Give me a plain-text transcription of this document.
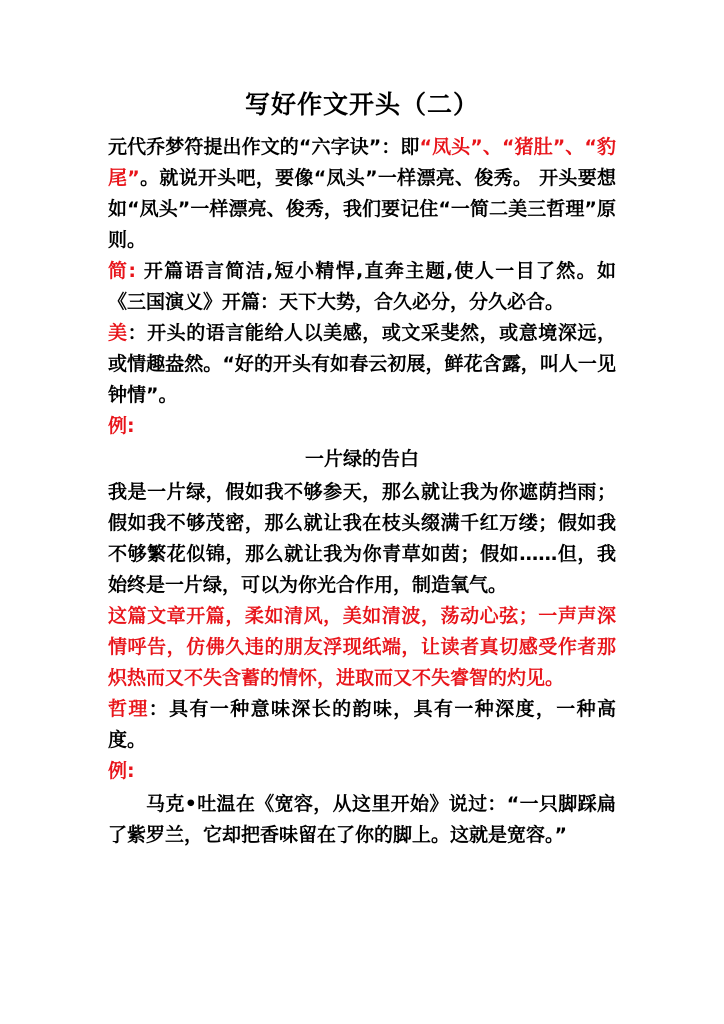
写好作文开头（二）

元代乔梦符提出作文的“六字诀”：即“凤头”、“猪肚”、“豹尾”。就说开头吧，要像“凤头”一样漂亮、俊秀。 开头要想如“凤头”一样漂亮、俊秀，我们要记住“一简二美三哲理”原则。

简: 开篇语言简洁,短小精悍,直奔主题,使人一目了然。如《三国演义》开篇：天下大势，合久必分，分久必合。

美：开头的语言能给人以美感，或文采斐然，或意境深远，或情趣盎然。“好的开头有如春云初展，鲜花含露，叫人一见钟情”。

例:

一片绿的告白

我是一片绿，假如我不够参天，那么就让我为你遮荫挡雨；假如我不够茂密，那么就让我在枝头缀满千红万缕；假如我不够繁花似锦，那么就让我为你青草如茵；假如……但，我始终是一片绿，可以为你光合作用，制造氧气。

这篇文章开篇，柔如清风，美如清波，荡动心弦；一声声深情呼告，仿佛久违的朋友浮现纸端，让读者真切感受作者那炽热而又不失含蓄的情怀，进取而又不失睿智的灼见。

哲理：具有一种意味深长的韵味，具有一种深度，一种高度。

例:

马克•吐温在《宽容，从这里开始》说过：“一只脚踩扁了紫罗兰，它却把香味留在了你的脚上。这就是宽容。”
